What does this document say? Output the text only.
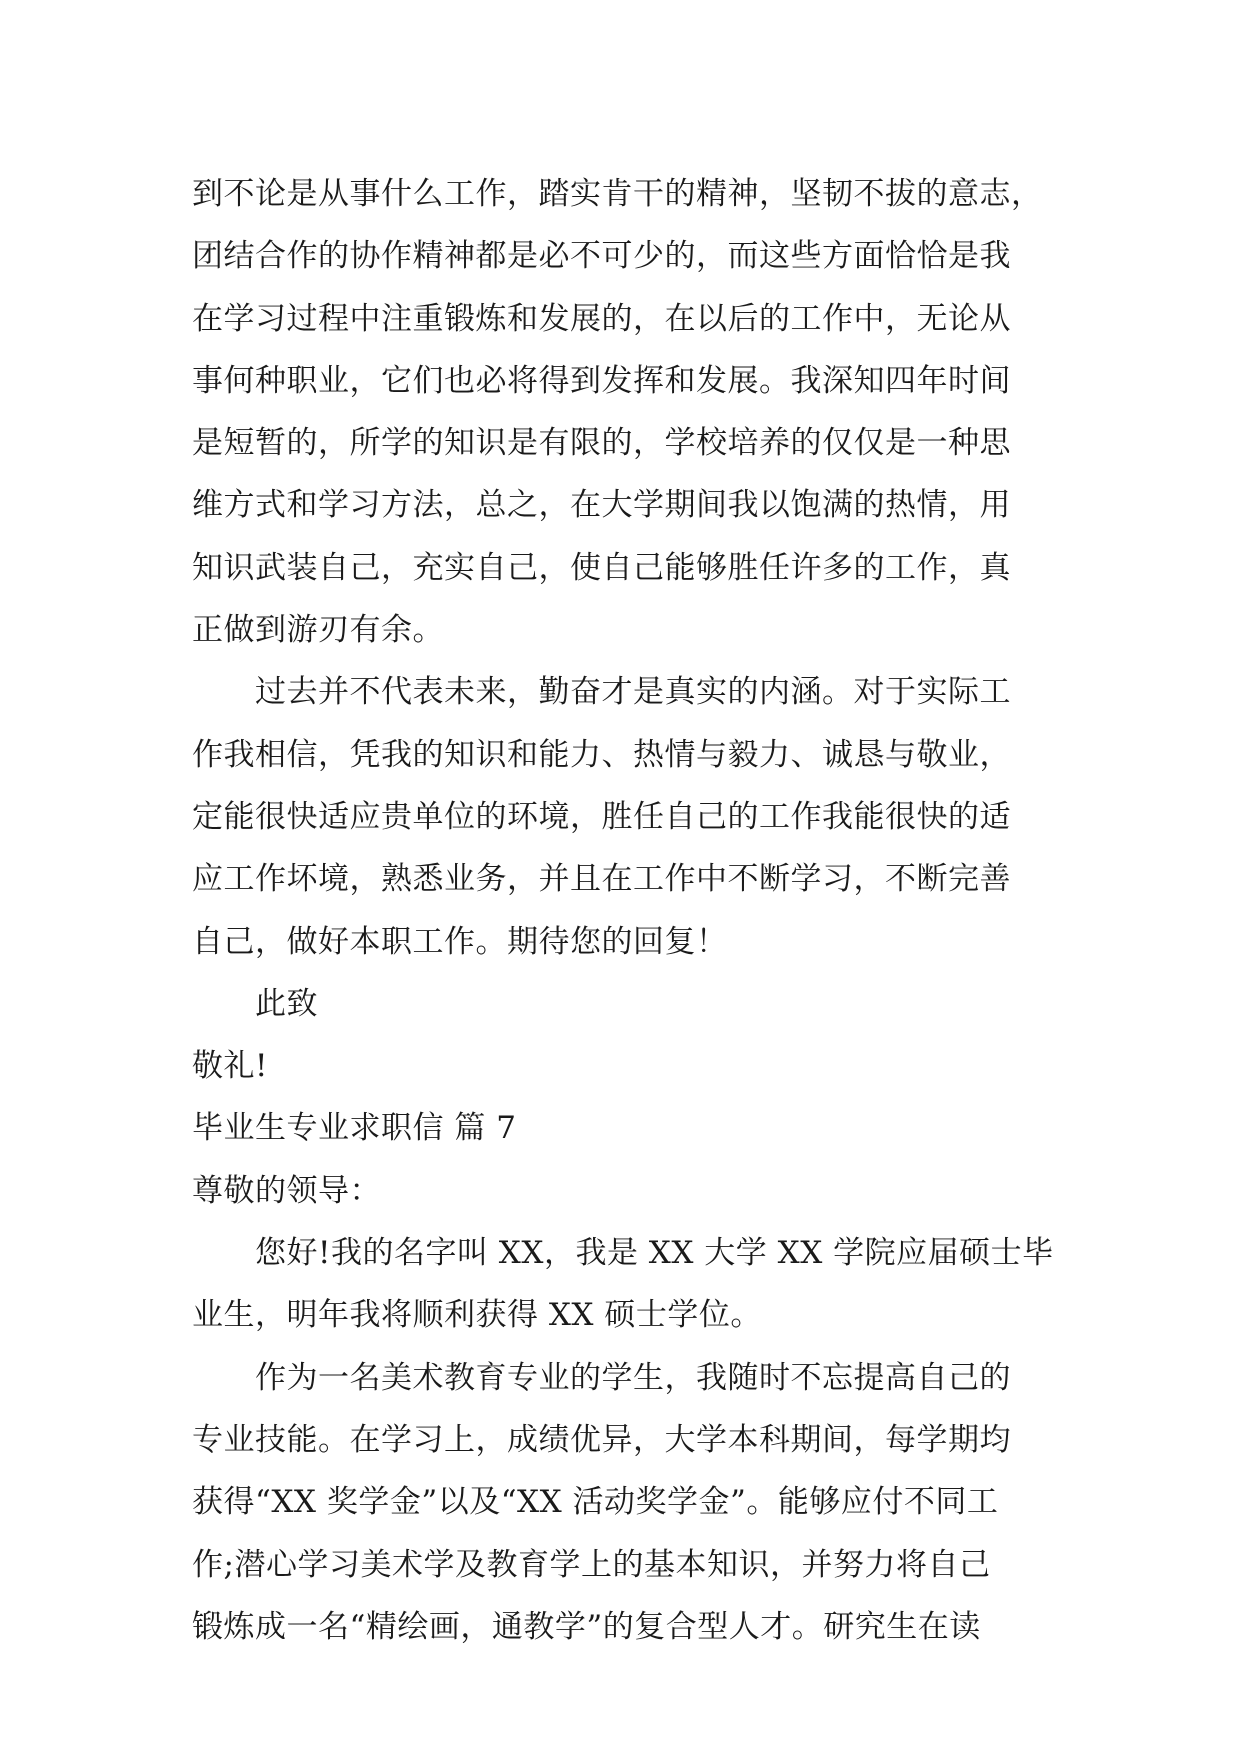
到不论是从事什么工作，踏实肯干的精神，坚韧不拔的意志，
团结合作的协作精神都是必不可少的，而这些方面恰恰是我
在学习过程中注重锻炼和发展的，在以后的工作中，无论从
事何种职业，它们也必将得到发挥和发展。我深知四年时间
是短暂的，所学的知识是有限的，学校培养的仅仅是一种思
维方式和学习方法，总之，在大学期间我以饱满的热情，用
知识武装自己，充实自己，使自己能够胜任许多的工作，真
正做到游刃有余。
过去并不代表未来，勤奋才是真实的内涵。对于实际工
作我相信，凭我的知识和能力、热情与毅力、诚恳与敬业，
定能很快适应贵单位的环境，胜任自己的工作我能很快的适
应工作坏境，熟悉业务，并且在工作中不断学习，不断完善
自己，做好本职工作。期待您的回复！
此致
敬礼!
毕业生专业求职信 篇 7
尊敬的领导：
您好!我的名字叫 XX，我是 XX 大学 XX 学院应届硕士毕
业生，明年我将顺利获得 XX 硕士学位。
作为一名美术教育专业的学生，我随时不忘提高自己的
专业技能。在学习上，成绩优异，大学本科期间，每学期均
获得“XX 奖学金”以及“XX 活动奖学金”。能够应付不同工
作;潜心学习美术学及教育学上的基本知识，并努力将自己
锻炼成一名“精绘画，通教学”的复合型人才。研究生在读
